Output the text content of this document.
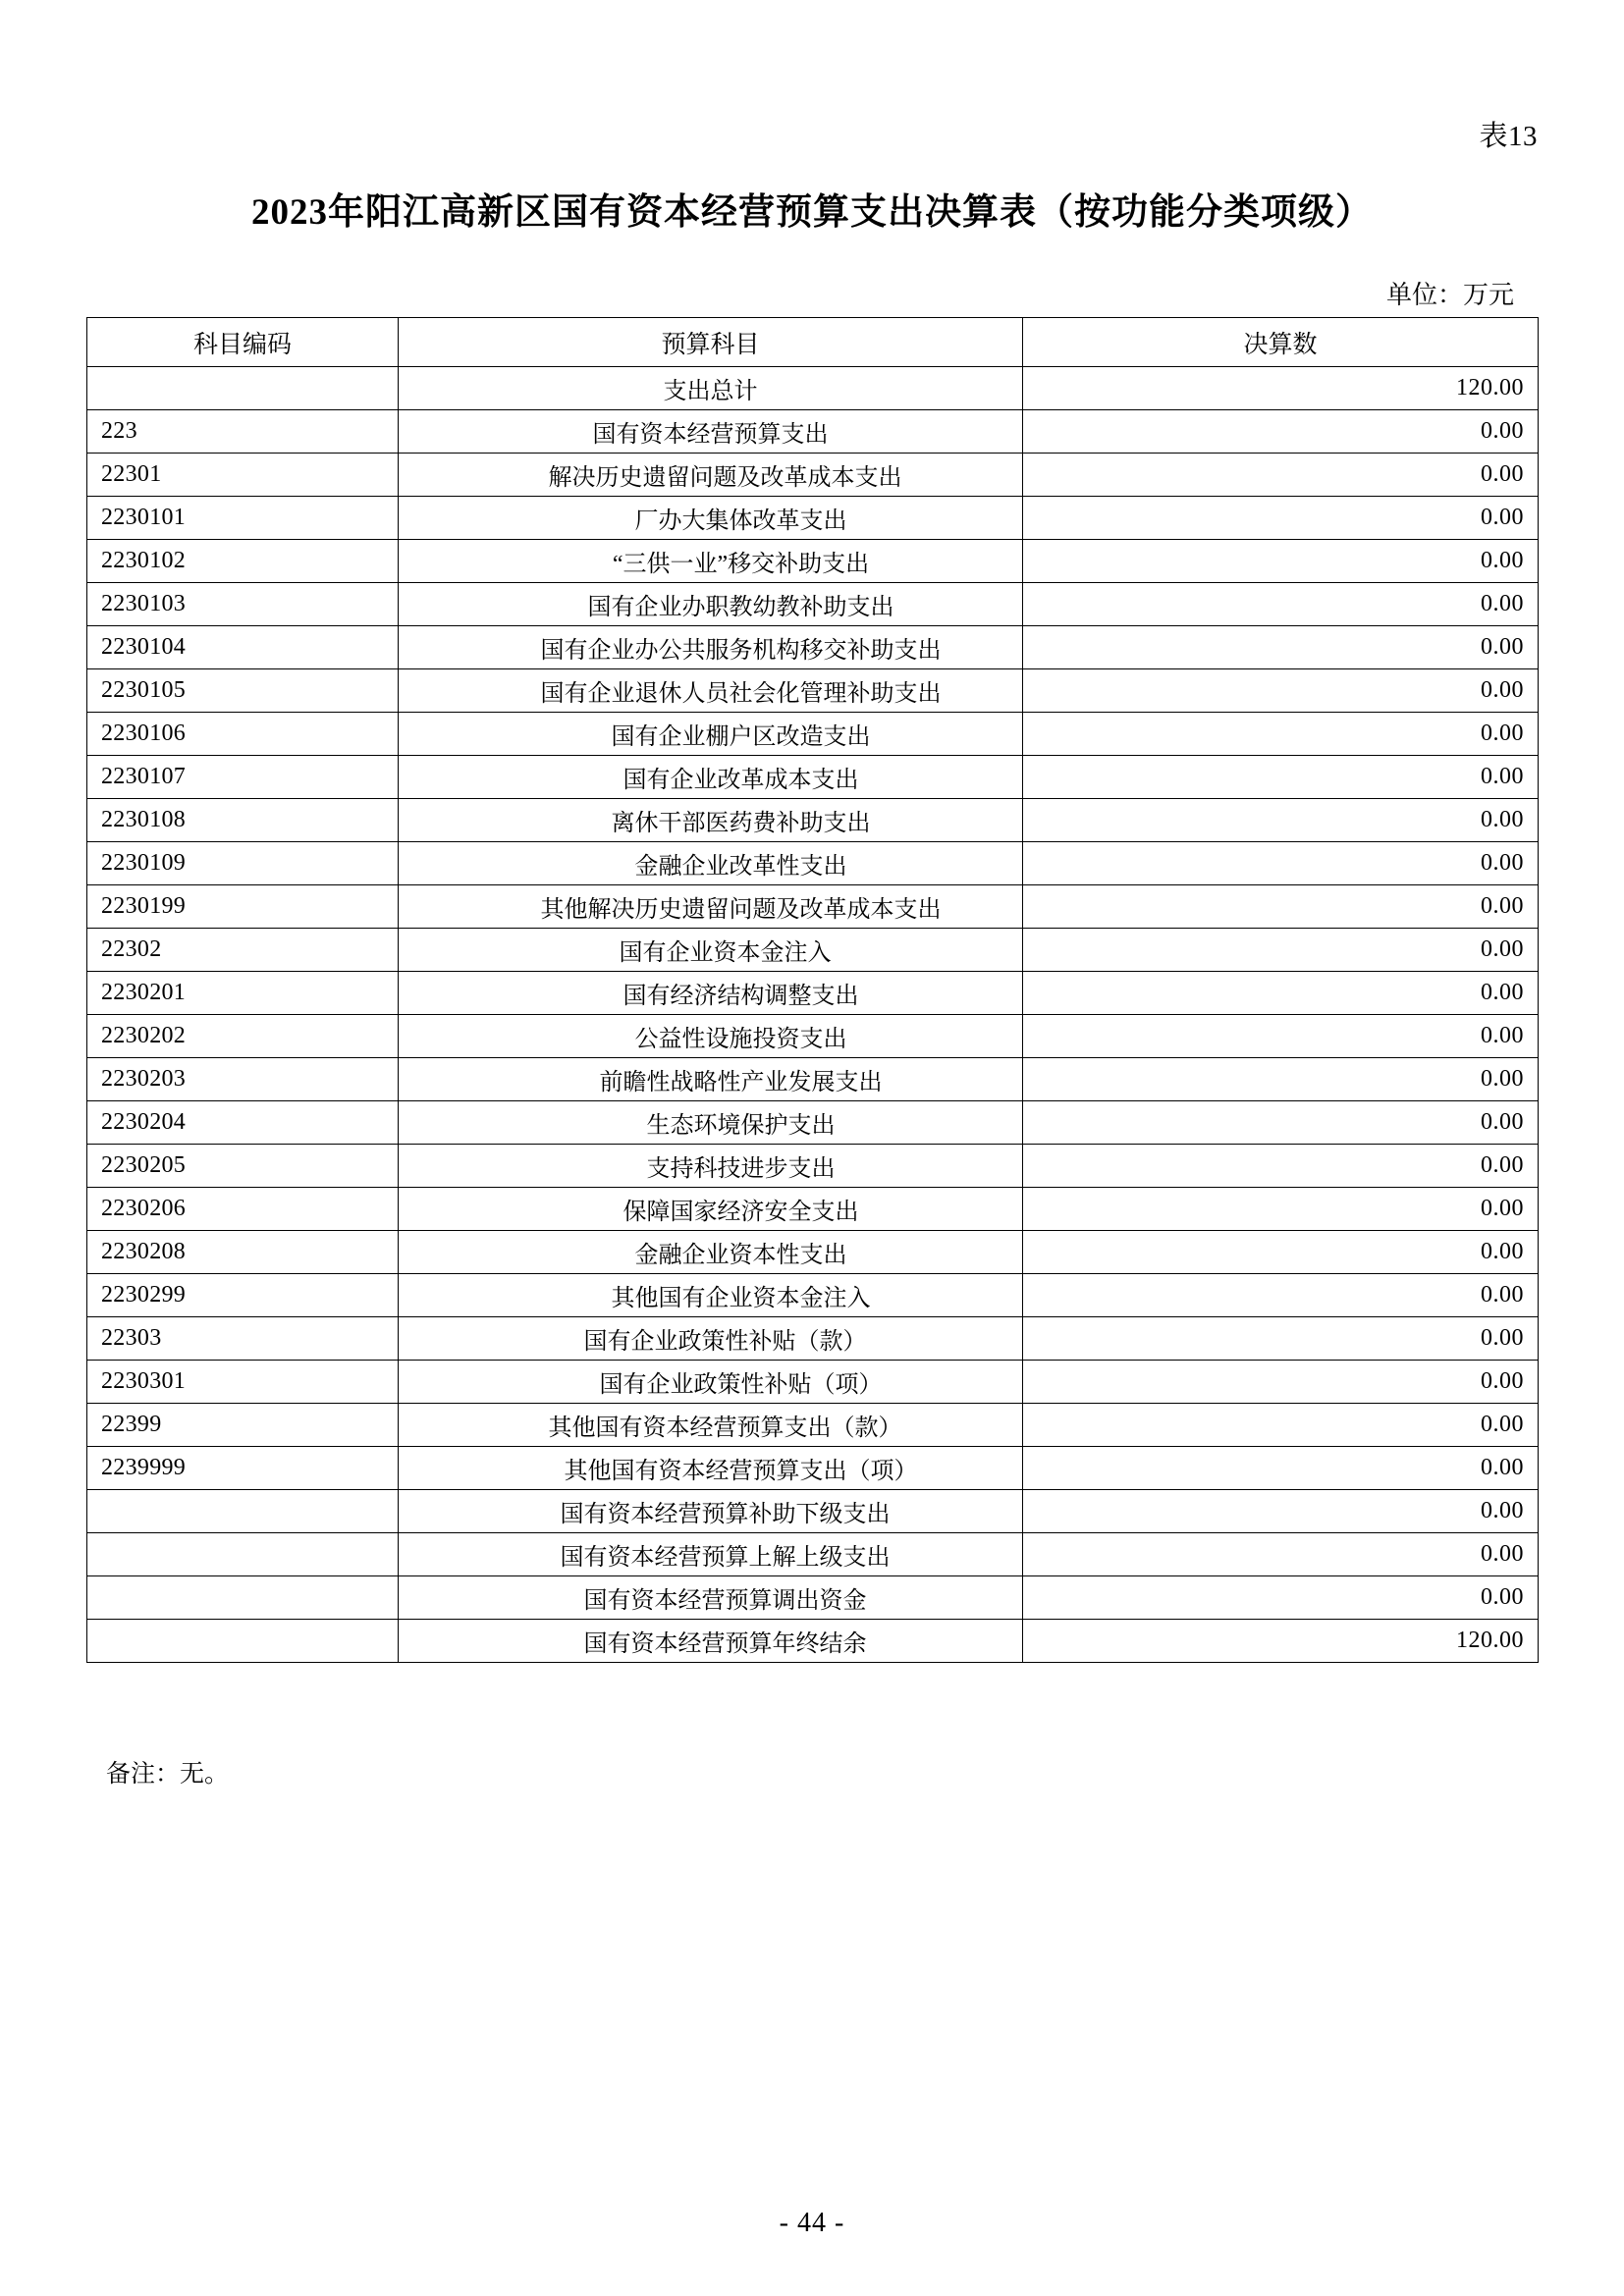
表13
2023年阳江高新区国有资本经营预算支出决算表（按功能分类项级）
单位：万元
科目编码	预算科目	决算数
	支出总计	120.00
223	国有资本经营预算支出	0.00
22301	解决历史遗留问题及改革成本支出	0.00
2230101	厂办大集体改革支出	0.00
2230102	“三供一业”移交补助支出	0.00
2230103	国有企业办职教幼教补助支出	0.00
2230104	国有企业办公共服务机构移交补助支出	0.00
2230105	国有企业退休人员社会化管理补助支出	0.00
2230106	国有企业棚户区改造支出	0.00
2230107	国有企业改革成本支出	0.00
2230108	离休干部医药费补助支出	0.00
2230109	金融企业改革性支出	0.00
2230199	其他解决历史遗留问题及改革成本支出	0.00
22302	国有企业资本金注入	0.00
2230201	国有经济结构调整支出	0.00
2230202	公益性设施投资支出	0.00
2230203	前瞻性战略性产业发展支出	0.00
2230204	生态环境保护支出	0.00
2230205	支持科技进步支出	0.00
2230206	保障国家经济安全支出	0.00
2230208	金融企业资本性支出	0.00
2230299	其他国有企业资本金注入	0.00
22303	国有企业政策性补贴（款）	0.00
2230301	国有企业政策性补贴（项）	0.00
22399	其他国有资本经营预算支出（款）	0.00
2239999	其他国有资本经营预算支出（项）	0.00
	国有资本经营预算补助下级支出	0.00
	国有资本经营预算上解上级支出	0.00
	国有资本经营预算调出资金	0.00
	国有资本经营预算年终结余	120.00
备注：无。
- 44 -
